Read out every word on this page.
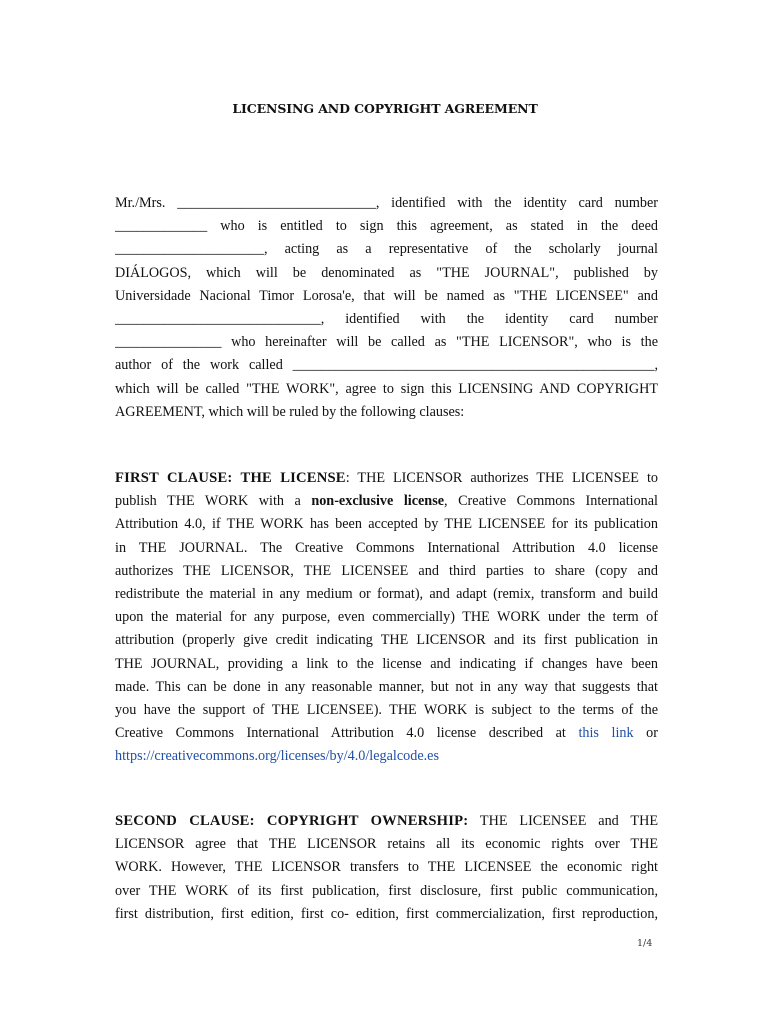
LICENSING AND COPYRIGHT AGREEMENT
Mr./Mrs. ____________________________, identified with the identity card number
_____________ who is entitled to sign this agreement, as stated in the deed
_____________________, acting as a representative of the scholarly journal
DIÁLOGOS, which will be denominated as "THE JOURNAL", published by
Universidade Nacional Timor Lorosa'e, that will be named as "THE LICENSEE" and
_____________________________, identified with the identity card number
_______________ who hereinafter will be called as "THE LICENSOR", who is the
author of the work called ___________________________________________________,
which will be called "THE WORK", agree to sign this LICENSING AND COPYRIGHT
AGREEMENT, which will be ruled by the following clauses:
FIRST CLAUSE: THE LICENSE: THE LICENSOR authorizes THE LICENSEE to
publish THE WORK with a non-exclusive license, Creative Commons International
Attribution 4.0, if THE WORK has been accepted by THE LICENSEE for its publication
in THE JOURNAL. The Creative Commons International Attribution 4.0 license
authorizes THE LICENSOR, THE LICENSEE and third parties to share (copy and
redistribute the material in any medium or format), and adapt (remix, transform and build
upon the material for any purpose, even commercially) THE WORK under the term of
attribution (properly give credit indicating THE LICENSOR and its first publication in
THE JOURNAL, providing a link to the license and indicating if changes have been
made. This can be done in any reasonable manner, but not in any way that suggests that
you have the support of THE LICENSEE). THE WORK is subject to the terms of the
Creative Commons International Attribution 4.0 license described at this link or
https://creativecommons.org/licenses/by/4.0/legalcode.es
SECOND CLAUSE: COPYRIGHT OWNERSHIP: THE LICENSEE and THE
LICENSOR agree that THE LICENSOR retains all its economic rights over THE
WORK. However, THE LICENSOR transfers to THE LICENSEE the economic right
over THE WORK of its first publication, first disclosure, first public communication,
first distribution, first edition, first co- edition, first commercialization, first reproduction,
1/4
